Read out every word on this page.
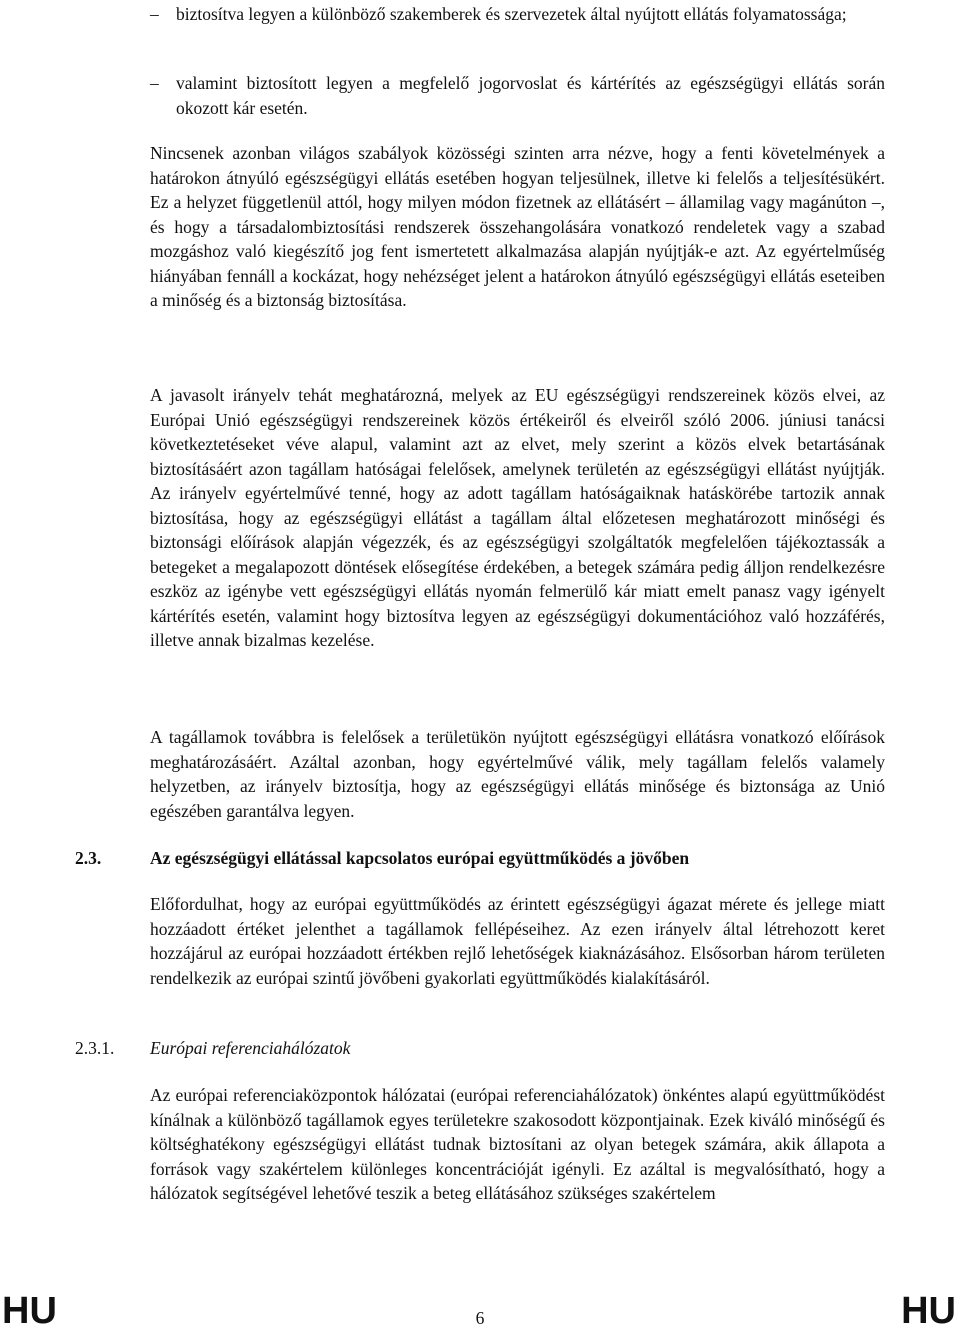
– biztosítva legyen a különböző szakemberek és szervezetek által nyújtott ellátás folyamatossága;
– valamint biztosított legyen a megfelelő jogorvoslat és kártérítés az egészségügyi ellátás során okozott kár esetén.

Nincsenek azonban világos szabályok közösségi szinten arra nézve, hogy a fenti követelmények a határokon átnyúló egészségügyi ellátás esetében hogyan teljesülnek, illetve ki felelős a teljesítésükért. Ez a helyzet függetlenül attól, hogy milyen módon fizetnek az ellátásért – államilag vagy magánúton –, és hogy a társadalombiztosítási rendszerek összehangolására vonatkozó rendeletek vagy a szabad mozgáshoz való kiegészítő jog fent ismertetett alkalmazása alapján nyújtják-e azt. Az egyértelműség hiányában fennáll a kockázat, hogy nehézséget jelent a határokon átnyúló egészségügyi ellátás eseteiben a minőség és a biztonság biztosítása.

A javasolt irányelv tehát meghatározná, melyek az EU egészségügyi rendszereinek közös elvei, az Európai Unió egészségügyi rendszereinek közös értékeiről és elveiről szóló 2006. júniusi tanácsi következtetéseket véve alapul, valamint azt az elvet, mely szerint a közös elvek betartásának biztosításáért azon tagállam hatóságai felelősek, amelynek területén az egészségügyi ellátást nyújtják. Az irányelv egyértelművé tenné, hogy az adott tagállam hatóságaiknak hatáskörébe tartozik annak biztosítása, hogy az egészségügyi ellátást a tagállam által előzetesen meghatározott minőségi és biztonsági előírások alapján végezzék, és az egészségügyi szolgáltatók megfelelően tájékoztassák a betegeket a megalapozott döntések elősegítése érdekében, a betegek számára pedig álljon rendelkezésre eszköz az igénybe vett egészségügyi ellátás nyomán felmerülő kár miatt emelt panasz vagy igényelt kártérítés esetén, valamint hogy biztosítva legyen az egészségügyi dokumentációhoz való hozzáférés, illetve annak bizalmas kezelése.

A tagállamok továbbra is felelősek a területükön nyújtott egészségügyi ellátásra vonatkozó előírások meghatározásáért. Azáltal azonban, hogy egyértelművé válik, mely tagállam felelős valamely helyzetben, az irányelv biztosítja, hogy az egészségügyi ellátás minősége és biztonsága az Unió egészében garantálva legyen.

2.3.	Az egészségügyi ellátással kapcsolatos európai együttműködés a jövőben

Előfordulhat, hogy az európai együttműködés az érintett egészségügyi ágazat mérete és jellege miatt hozzáadott értéket jelenthet a tagállamok fellépéseihez. Az ezen irányelv által létrehozott keret hozzájárul az európai hozzáadott értékben rejlő lehetőségek kiaknázásához. Elsősorban három területen rendelkezik az európai szintű jövőbeni gyakorlati együttműködés kialakításáról.

2.3.1. Európai referenciahálózatok

Az európai referenciaközpontok hálózatai (európai referenciahálózatok) önkéntes alapú együttműködést kínálnak a különböző tagállamok egyes területekre szakosodott központjainak. Ezek kiváló minőségű és költséghatékony egészségügyi ellátást tudnak biztosítani az olyan betegek számára, akik állapota a források vagy szakértelem különleges koncentrációját igényli. Ez azáltal is megvalósítható, hogy a hálózatok segítségével lehetővé teszik a beteg ellátásához szükséges szakértelem

HU	6	HU
